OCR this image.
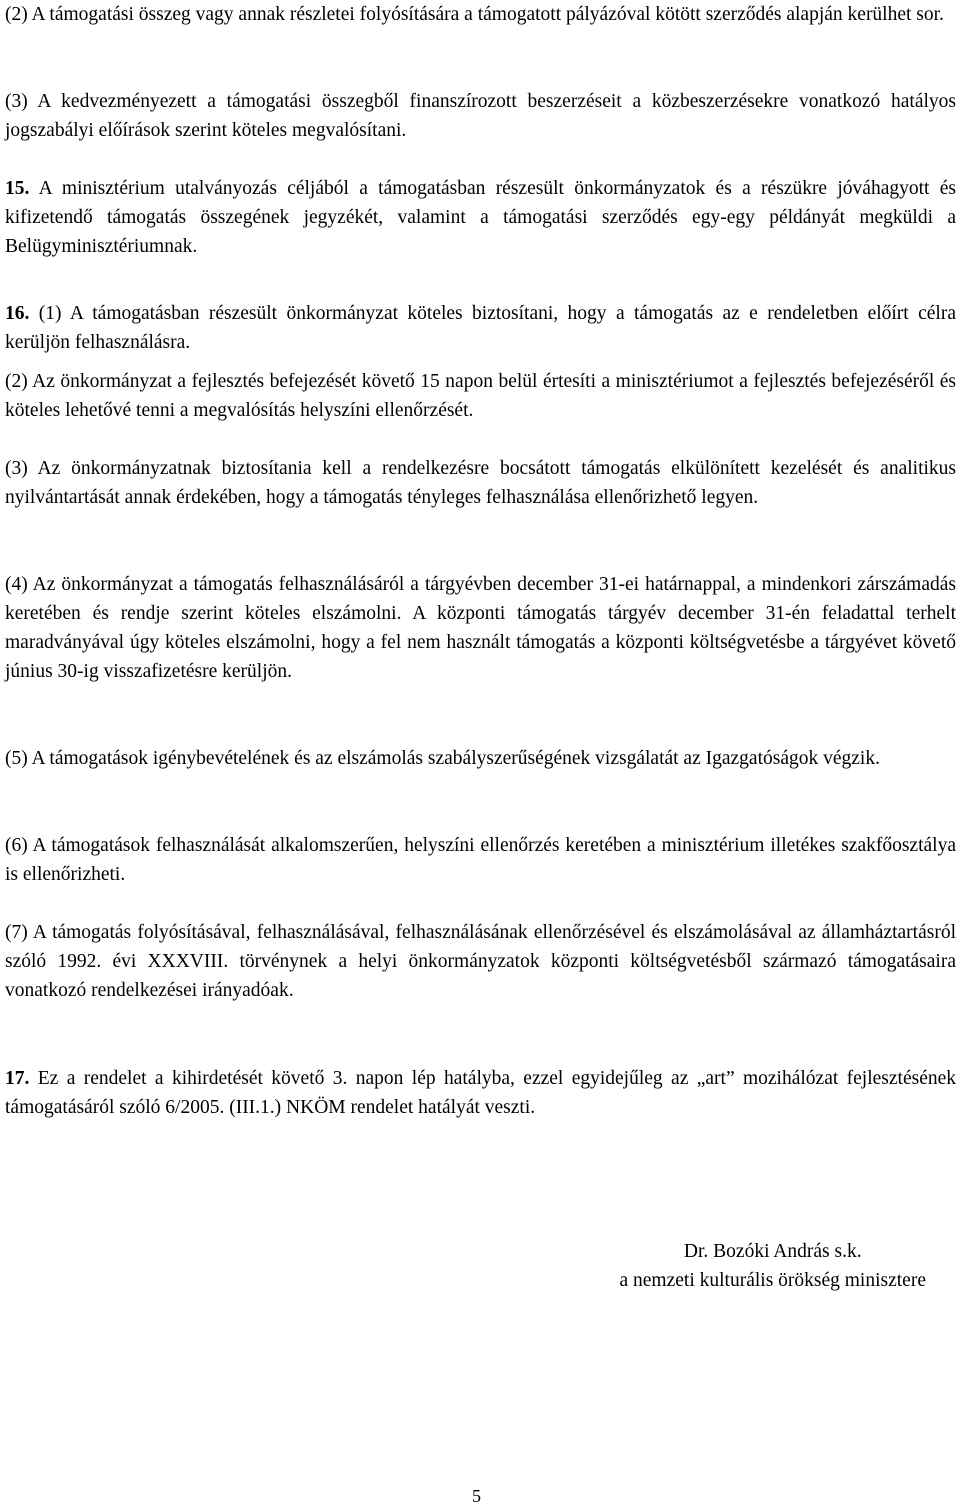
(2) A támogatási összeg vagy annak részletei folyósítására a támogatott pályázóval kötött szerződés alapján kerülhet sor.

(3) A kedvezményezett a támogatási összegből finanszírozott beszerzéseit a közbeszerzésekre vonatkozó hatályos jogszabályi előírások szerint köteles megvalósítani.

15. A minisztérium utalványozás céljából a támogatásban részesült önkormányzatok és a részükre jóváhagyott és kifizetendő támogatás összegének jegyzékét, valamint a támogatási szerződés egy-egy példányát megküldi a Belügyminisztériumnak.

16. (1) A támogatásban részesült önkormányzat köteles biztosítani, hogy a támogatás az e rendeletben előírt célra kerüljön felhasználásra.

(2) Az önkormányzat a fejlesztés befejezését követő 15 napon belül értesíti a minisztériumot a fejlesztés befejezéséről és köteles lehetővé tenni a megvalósítás helyszíni ellenőrzését.

(3) Az önkormányzatnak biztosítania kell a rendelkezésre bocsátott támogatás elkülönített kezelését és analitikus nyilvántartását annak érdekében, hogy a támogatás tényleges felhasználása ellenőrizhető legyen.

(4) Az önkormányzat a támogatás felhasználásáról a tárgyévben december 31-ei határnappal, a mindenkori zárszámadás keretében és rendje szerint köteles elszámolni. A központi támogatás tárgyév december 31-én feladattal terhelt maradványával úgy köteles elszámolni, hogy a fel nem használt támogatás a központi költségvetésbe a tárgyévet követő június 30-ig visszafizetésre kerüljön.

(5) A támogatások igénybevételének és az elszámolás szabályszerűségének vizsgálatát az Igazgatóságok végzik.

(6) A támogatások felhasználását alkalomszerűen, helyszíni ellenőrzés keretében a minisztérium illetékes szakfőosztálya is ellenőrizheti.

(7) A támogatás folyósításával, felhasználásával, felhasználásának ellenőrzésével és elszámolásával az államháztartásról szóló 1992. évi XXXVIII. törvénynek a helyi önkormányzatok központi költségvetésből származó támogatásaira vonatkozó rendelkezései irányadóak.

17. Ez a rendelet a kihirdetését követő 3. napon lép hatályba, ezzel egyidejűleg az „art” mozihálózat fejlesztésének támogatásáról szóló 6/2005. (III.1.) NKÖM rendelet hatályát veszti.

Dr. Bozóki András s.k.
a nemzeti kulturális örökség minisztere
5
